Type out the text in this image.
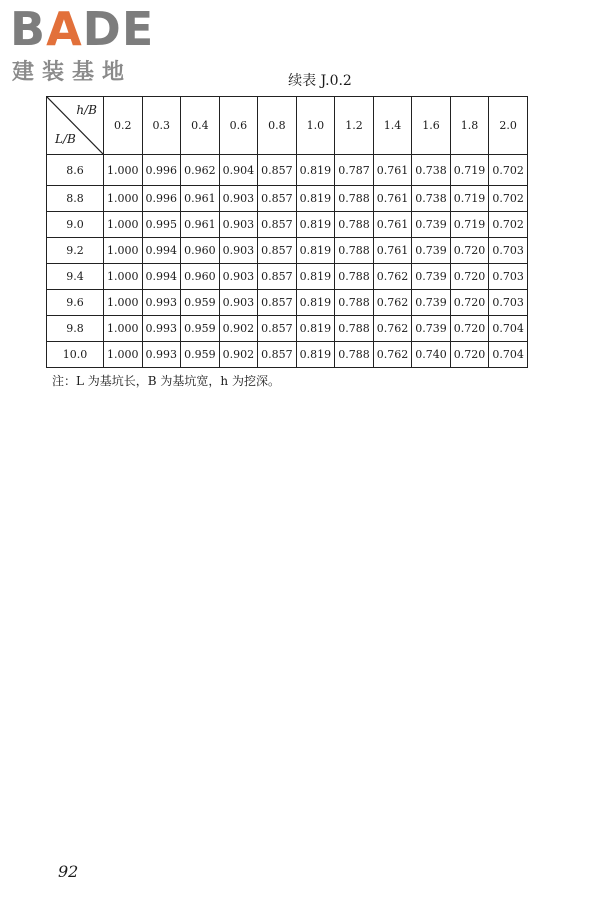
BADE
建装基地	续表 J.0.2
h/B
L/B	0.2	0.3	0.4	0.6	0.8	1.0	1.2	1.4	1.6	1.8	2.0
8.6	1.000	0.996	0.962	0.904	0.857	0.819	0.787	0.761	0.738	0.719	0.702
8.8	1.000	0.996	0.961	0.903	0.857	0.819	0.788	0.761	0.738	0.719	0.702
9.0	1.000	0.995	0.961	0.903	0.857	0.819	0.788	0.761	0.739	0.719	0.702
9.2	1.000	0.994	0.960	0.903	0.857	0.819	0.788	0.761	0.739	0.720	0.703
9.4	1.000	0.994	0.960	0.903	0.857	0.819	0.788	0.762	0.739	0.720	0.703
9.6	1.000	0.993	0.959	0.903	0.857	0.819	0.788	0.762	0.739	0.720	0.703
9.8	1.000	0.993	0.959	0.902	0.857	0.819	0.788	0.762	0.739	0.720	0.704
10.0	1.000	0.993	0.959	0.902	0.857	0.819	0.788	0.762	0.740	0.720	0.704
注：L 为基坑长，B 为基坑宽，h 为挖深。
92
